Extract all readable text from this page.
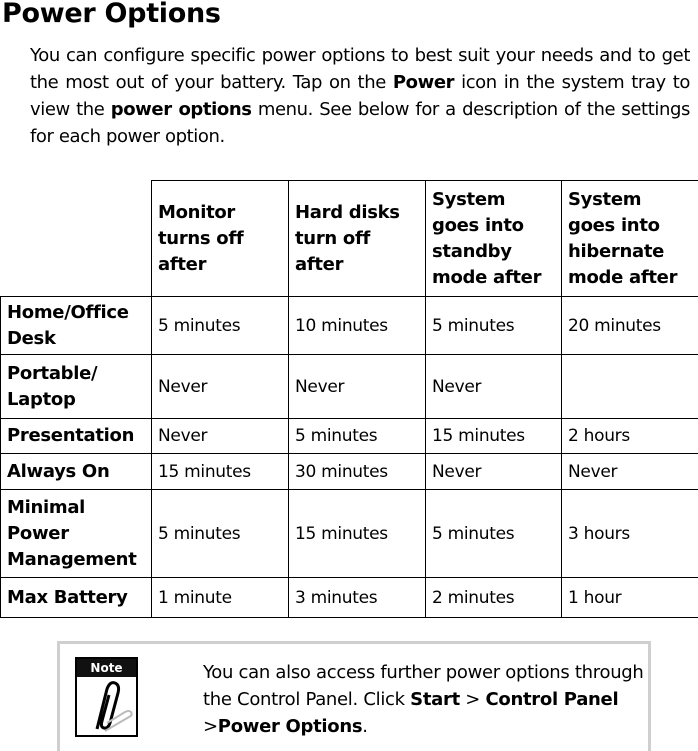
Power Options

You can configure specific power options to best suit your needs and to get the most out of your battery. Tap on the Power icon in the system tray to view the power options menu. See below for a description of the settings for each power option.

	Monitor turns off after	Hard disks turn off after	System goes into standby mode after	System goes into hibernate mode after
Home/Office Desk	5 minutes	10 minutes	5 minutes	20 minutes
Portable/ Laptop	Never	Never	Never	
Presentation	Never	5 minutes	15 minutes	2 hours
Always On	15 minutes	30 minutes	Never	Never
Minimal Power Management	5 minutes	15 minutes	5 minutes	3 hours
Max Battery	1 minute	3 minutes	2 minutes	1 hour
Note	You can also access further power options through the Control Panel. Click Start > Control Panel >Power Options.
